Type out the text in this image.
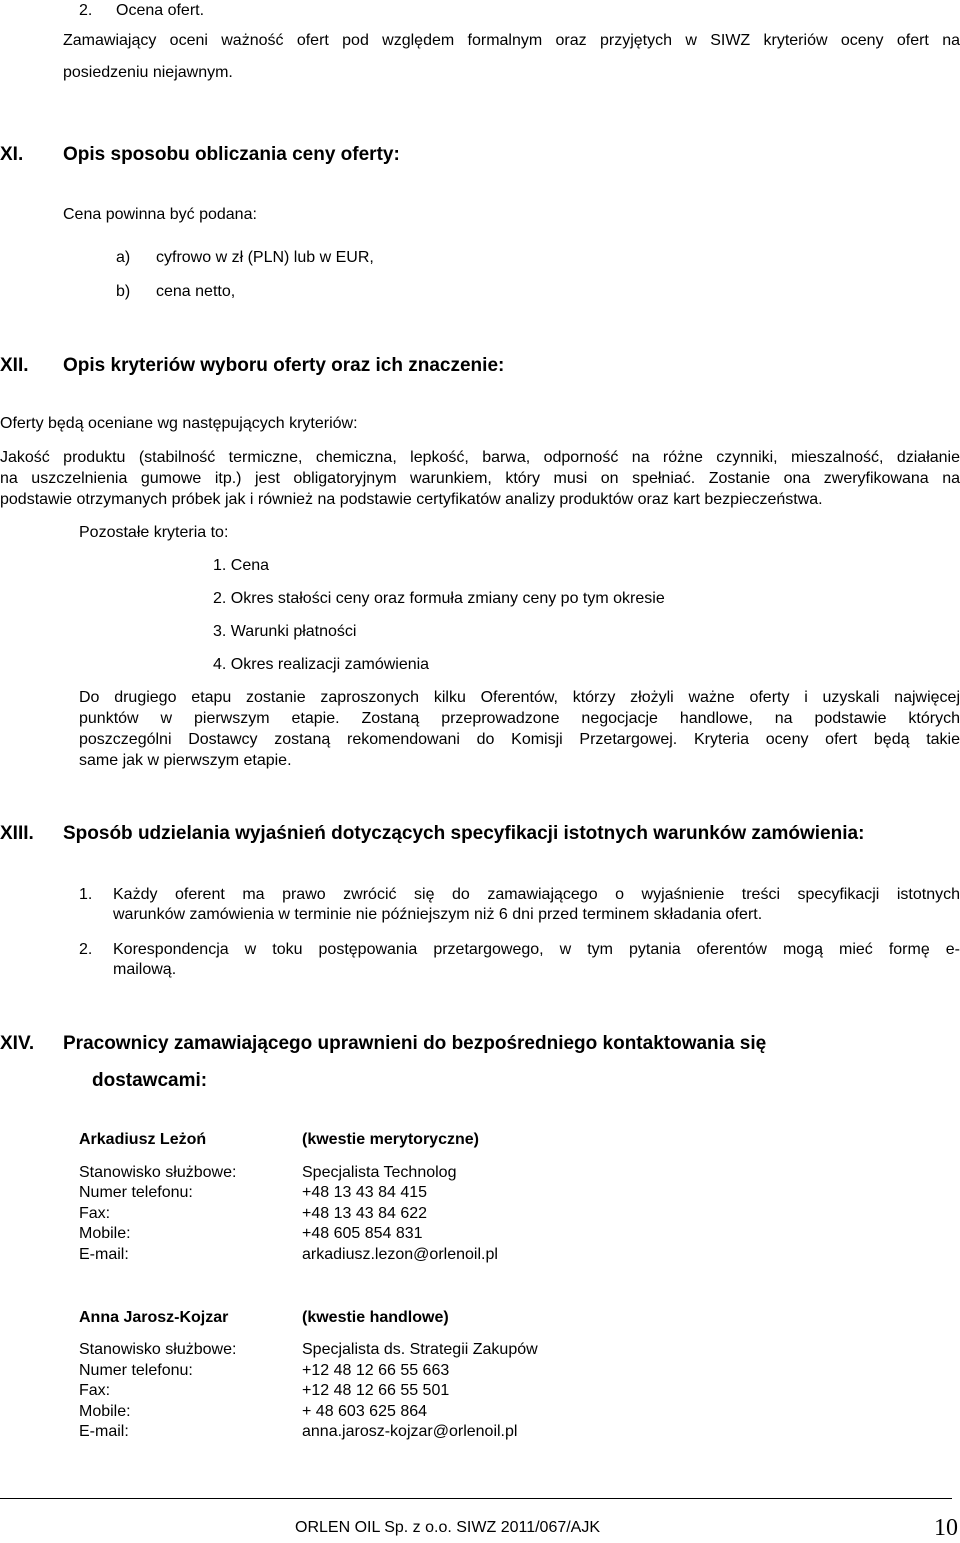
2. Ocena ofert.
Zamawiający oceni ważność ofert pod względem formalnym oraz przyjętych w SIWZ kryteriów oceny ofert na
posiedzeniu niejawnym.
XI. Opis sposobu obliczania ceny oferty:
Cena powinna być podana:
a) cyfrowo w zł (PLN) lub w EUR,
b) cena netto,
XII. Opis kryteriów wyboru oferty oraz ich znaczenie:
Oferty będą oceniane wg następujących kryteriów:
Jakość produktu (stabilność termiczne, chemiczna, lepkość, barwa, odporność na różne czynniki, mieszalność, działanie
na uszczelnienia gumowe itp.) jest obligatoryjnym warunkiem, który musi on spełniać. Zostanie ona zweryfikowana na
podstawie otrzymanych próbek jak i również na podstawie certyfikatów analizy produktów oraz kart bezpieczeństwa.
Pozostałe kryteria to:
1. Cena
2. Okres stałości ceny oraz formuła zmiany ceny po tym okresie
3. Warunki płatności
4. Okres realizacji zamówienia
Do drugiego etapu zostanie zaproszonych kilku Oferentów, którzy złożyli ważne oferty i uzyskali najwięcej
punktów w pierwszym etapie. Zostaną przeprowadzone negocjacje handlowe, na podstawie których
poszczególni Dostawcy zostaną rekomendowani do Komisji Przetargowej. Kryteria oceny ofert będą takie
same jak w pierwszym etapie.
XIII. Sposób udzielania wyjaśnień dotyczących specyfikacji istotnych warunków zamówienia:
1. Każdy oferent ma prawo zwrócić się do zamawiającego o wyjaśnienie treści specyfikacji istotnych
warunków zamówienia w terminie nie późniejszym niż 6 dni przed terminem składania ofert.
2. Korespondencja w toku postępowania przetargowego, w tym pytania oferentów mogą mieć formę e-
mailową.
XIV. Pracownicy zamawiającego uprawnieni do bezpośredniego kontaktowania się
dostawcami:
Arkadiusz Leżoń	(kwestie merytoryczne)
Stanowisko służbowe:	Specjalista Technolog
Numer telefonu:	+48 13 43 84 415
Fax:	+48 13 43 84 622
Mobile:	+48 605 854 831
E-mail:	arkadiusz.lezon@orlenoil.pl
Anna Jarosz-Kojzar	(kwestie handlowe)
Stanowisko służbowe:	Specjalista ds. Strategii Zakupów
Numer telefonu:	+12 48 12 66 55 663
Fax:	+12 48 12 66 55 501
Mobile:	+ 48 603 625 864
E-mail:	anna.jarosz-kojzar@orlenoil.pl
ORLEN OIL Sp. z o.o. SIWZ 2011/067/AJK	10
